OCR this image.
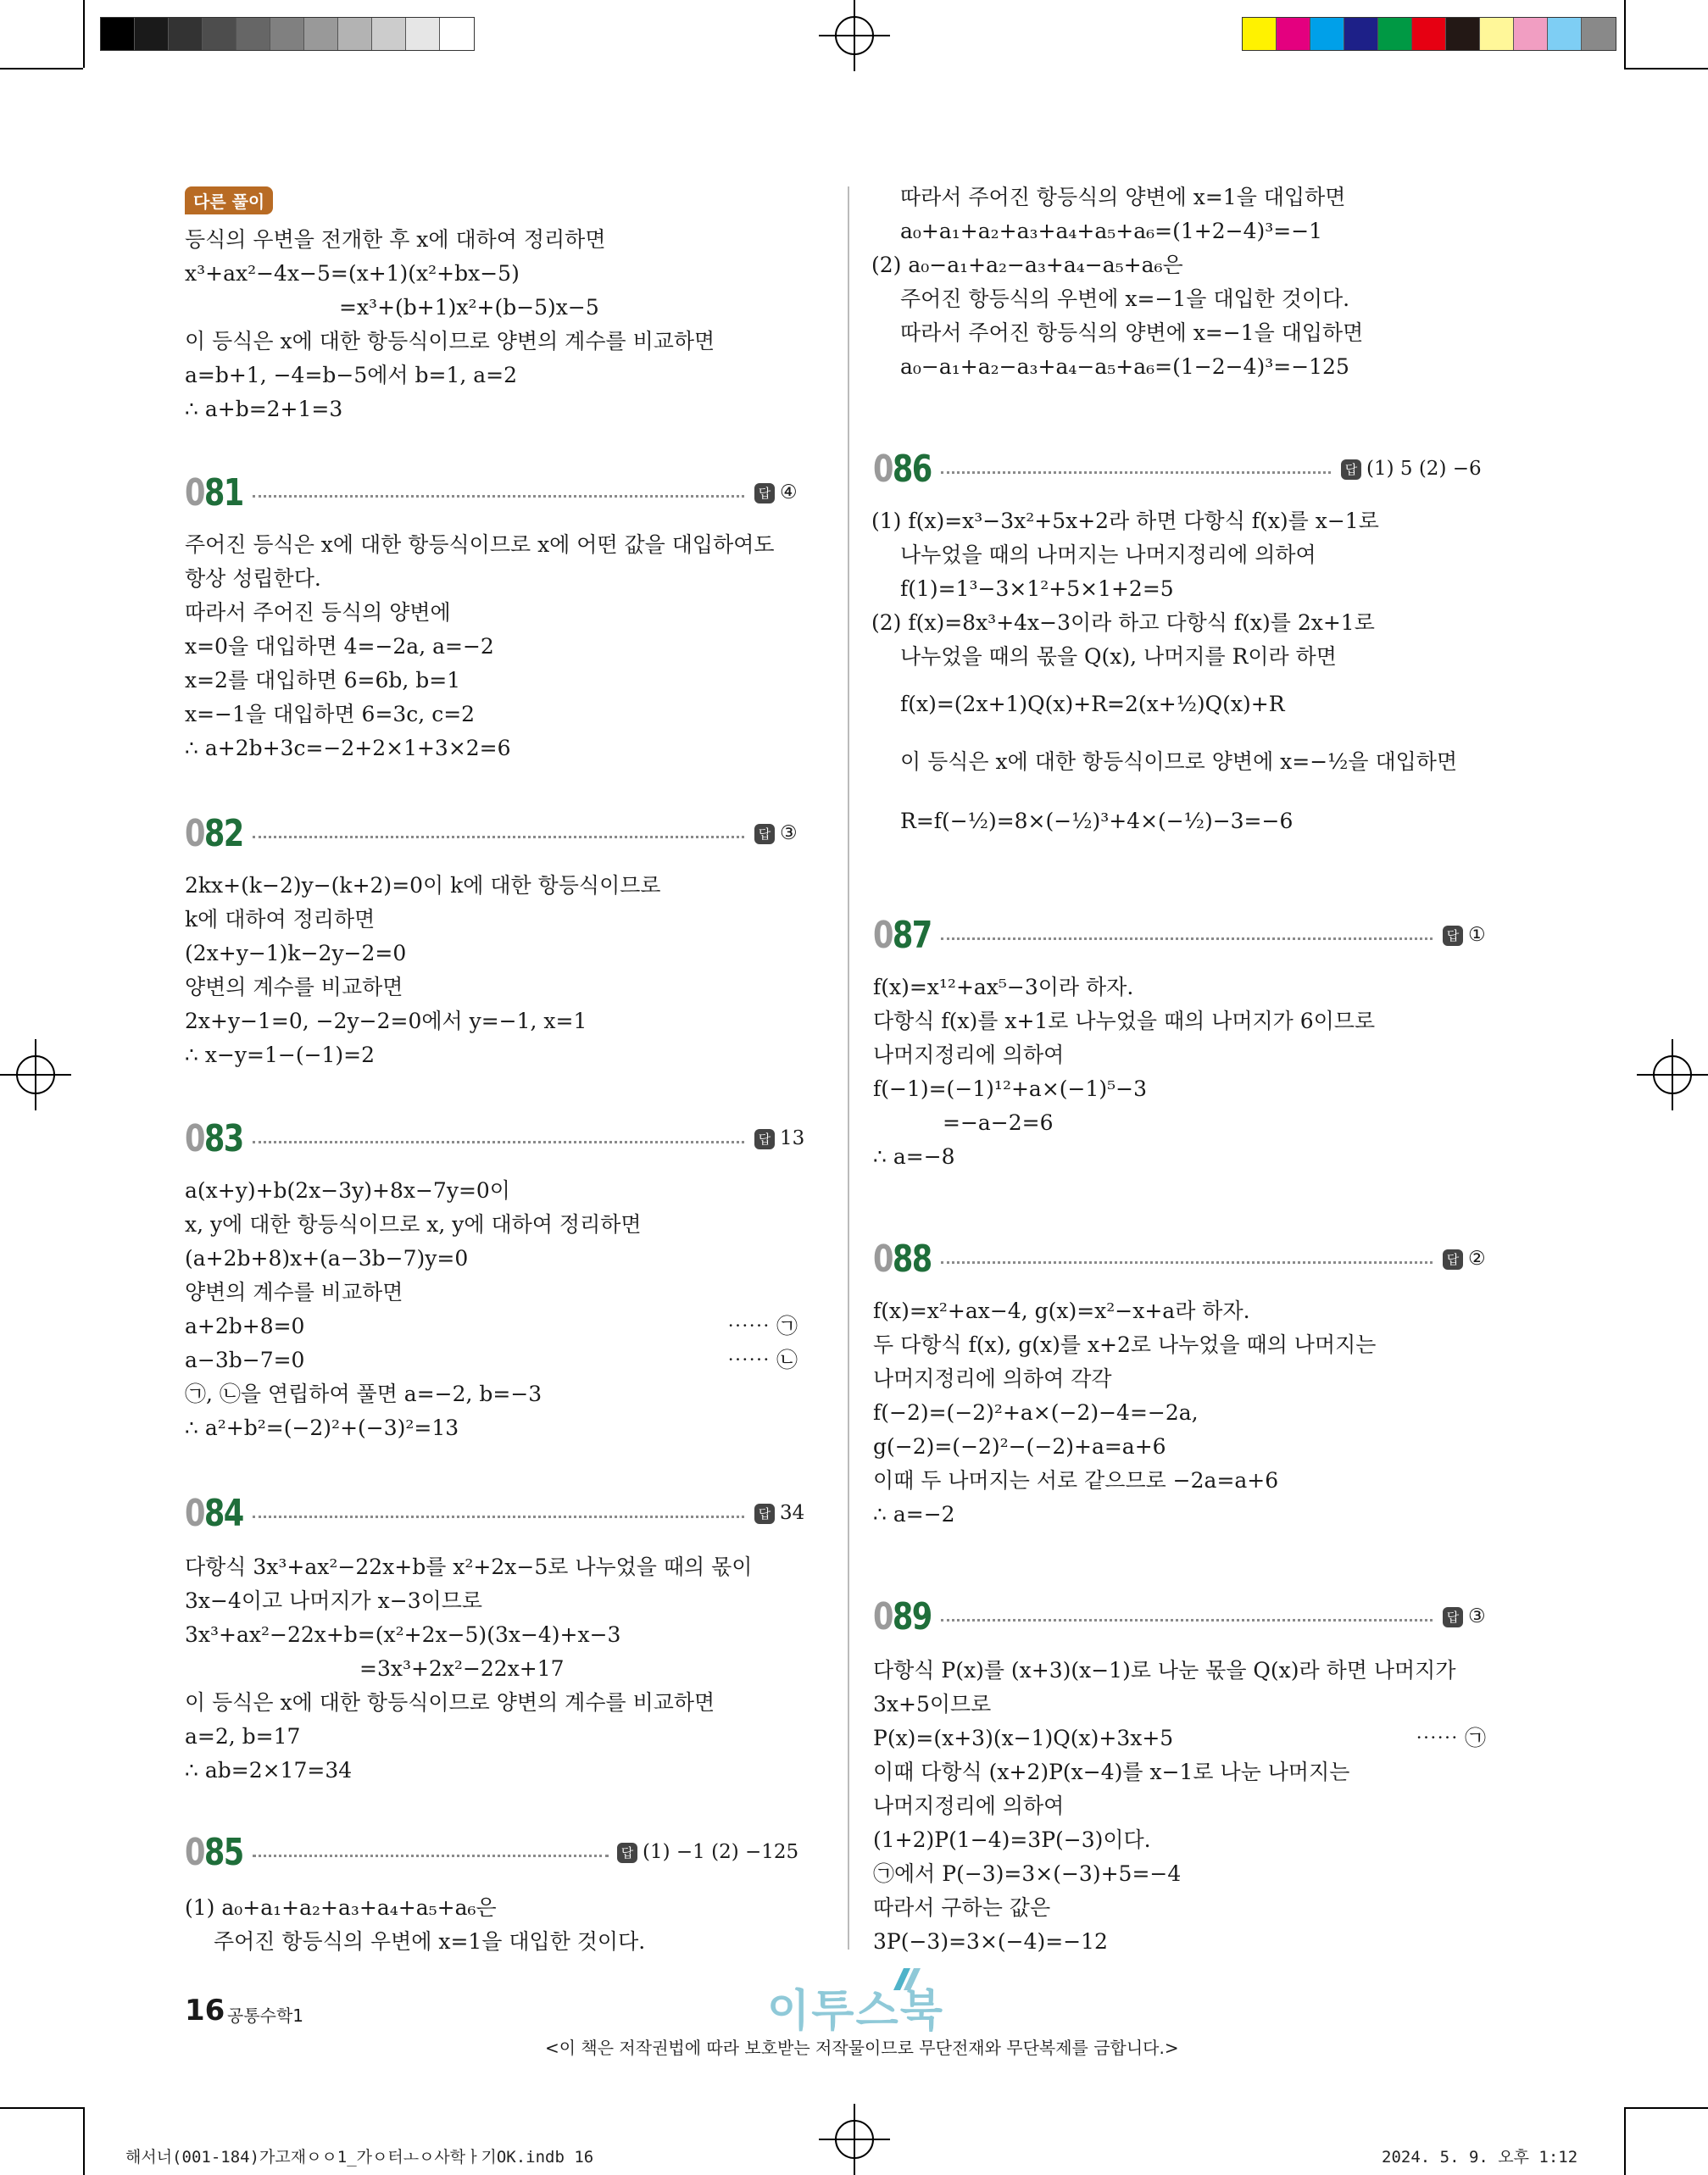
다른 풀이
등식의 우변을 전개한 후 x에 대하여 정리하면
x³+ax²−4x−5=(x+1)(x²+bx−5)
=x³+(b+1)x²+(b−5)x−5
이 등식은 x에 대한 항등식이므로 양변의 계수를 비교하면
a=b+1, −4=b−5에서 b=1, a=2
∴ a+b=2+1=3
081	답 ④
주어진 등식은 x에 대한 항등식이므로 x에 어떤 값을 대입하여도
항상 성립한다.
따라서 주어진 등식의 양변에
x=0을 대입하면 4=−2a, a=−2
x=2를 대입하면 6=6b, b=1
x=−1을 대입하면 6=3c, c=2
∴ a+2b+3c=−2+2×1+3×2=6
082	답 ③
2kx+(k−2)y−(k+2)=0이 k에 대한 항등식이므로
k에 대하여 정리하면
(2x+y−1)k−2y−2=0
양변의 계수를 비교하면
2x+y−1=0, −2y−2=0에서 y=−1, x=1
∴ x−y=1−(−1)=2
083	답 13
a(x+y)+b(2x−3y)+8x−7y=0이
x, y에 대한 항등식이므로 x, y에 대하여 정리하면
(a+2b+8)x+(a−3b−7)y=0
양변의 계수를 비교하면
a+2b+8=0	⋯⋯ ㉠
a−3b−7=0	⋯⋯ ㉡
㉠, ㉡을 연립하여 풀면 a=−2, b=−3
∴ a²+b²=(−2)²+(−3)²=13
084	답 34
다항식 3x³+ax²−22x+b를 x²+2x−5로 나누었을 때의 몫이
3x−4이고 나머지가 x−3이므로
3x³+ax²−22x+b=(x²+2x−5)(3x−4)+x−3
=3x³+2x²−22x+17
이 등식은 x에 대한 항등식이므로 양변의 계수를 비교하면
a=2, b=17
∴ ab=2×17=34
085	답 (1) −1 (2) −125
(1) a₀+a₁+a₂+a₃+a₄+a₅+a₆은
주어진 항등식의 우변에 x=1을 대입한 것이다.
따라서 주어진 항등식의 양변에 x=1을 대입하면
a₀+a₁+a₂+a₃+a₄+a₅+a₆=(1+2−4)³=−1
(2) a₀−a₁+a₂−a₃+a₄−a₅+a₆은
주어진 항등식의 우변에 x=−1을 대입한 것이다.
따라서 주어진 항등식의 양변에 x=−1을 대입하면
a₀−a₁+a₂−a₃+a₄−a₅+a₆=(1−2−4)³=−125
086	답 (1) 5 (2) −6
(1) f(x)=x³−3x²+5x+2라 하면 다항식 f(x)를 x−1로
나누었을 때의 나머지는 나머지정리에 의하여
f(1)=1³−3×1²+5×1+2=5
(2) f(x)=8x³+4x−3이라 하고 다항식 f(x)를 2x+1로
나누었을 때의 몫을 Q(x), 나머지를 R이라 하면
f(x)=(2x+1)Q(x)+R=2(x+½)Q(x)+R
이 등식은 x에 대한 항등식이므로 양변에 x=−½을 대입하면
R=f(−½)=8×(−½)³+4×(−½)−3=−6
087	답 ①
f(x)=x¹²+ax⁵−3이라 하자.
다항식 f(x)를 x+1로 나누었을 때의 나머지가 6이므로
나머지정리에 의하여
f(−1)=(−1)¹²+a×(−1)⁵−3
=−a−2=6
∴ a=−8
088	답 ②
f(x)=x²+ax−4, g(x)=x²−x+a라 하자.
두 다항식 f(x), g(x)를 x+2로 나누었을 때의 나머지는
나머지정리에 의하여 각각
f(−2)=(−2)²+a×(−2)−4=−2a,
g(−2)=(−2)²−(−2)+a=a+6
이때 두 나머지는 서로 같으므로 −2a=a+6
∴ a=−2
089	답 ③
다항식 P(x)를 (x+3)(x−1)로 나눈 몫을 Q(x)라 하면 나머지가
3x+5이므로
P(x)=(x+3)(x−1)Q(x)+3x+5	⋯⋯ ㉠
이때 다항식 (x+2)P(x−4)를 x−1로 나눈 나머지는
나머지정리에 의하여
(1+2)P(1−4)=3P(−3)이다.
㉠에서 P(−3)=3×(−3)+5=−4
따라서 구하는 값은
3P(−3)=3×(−4)=−12
16 공통수학1	이투스북
<이 책은 저작권법에 따라 보호받는 저작물이므로 무단전재와 무단복제를 금합니다.>
해서너(001-184)가고재ㅇㅇ1_가ㅇ터ㅗㅇ사학ㅏ기OK.indb 16	2024. 5. 9. 오후 1:12
